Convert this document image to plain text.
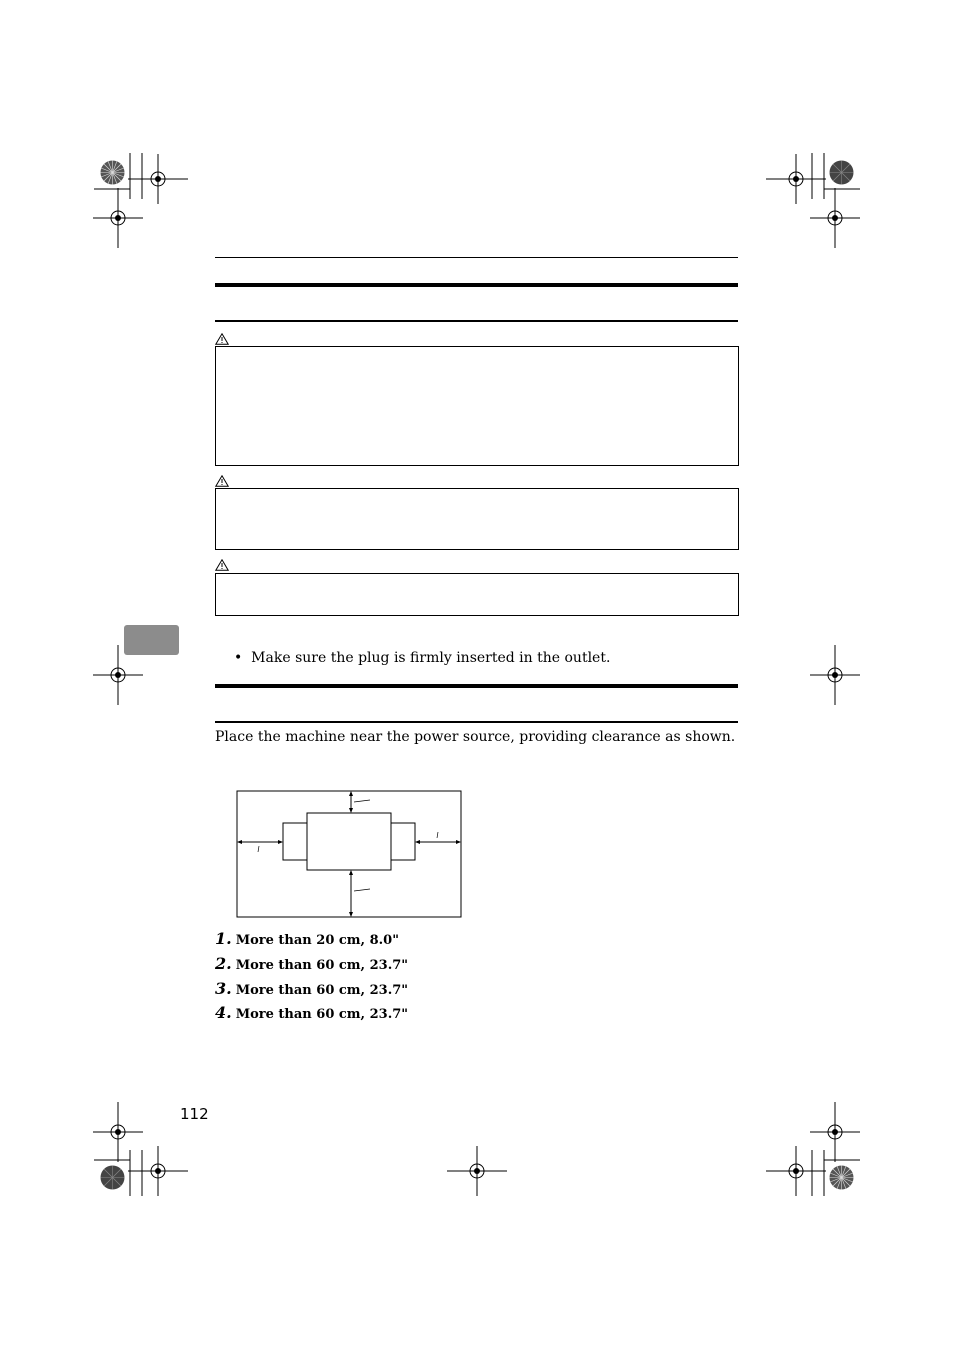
• Make sure the plug is firmly inserted in the outlet.
Place the machine near the power source, providing clearance as shown.
1. More than 20 cm, 8.0"
2. More than 60 cm, 23.7"
3. More than 60 cm, 23.7"
4. More than 60 cm, 23.7"
112
